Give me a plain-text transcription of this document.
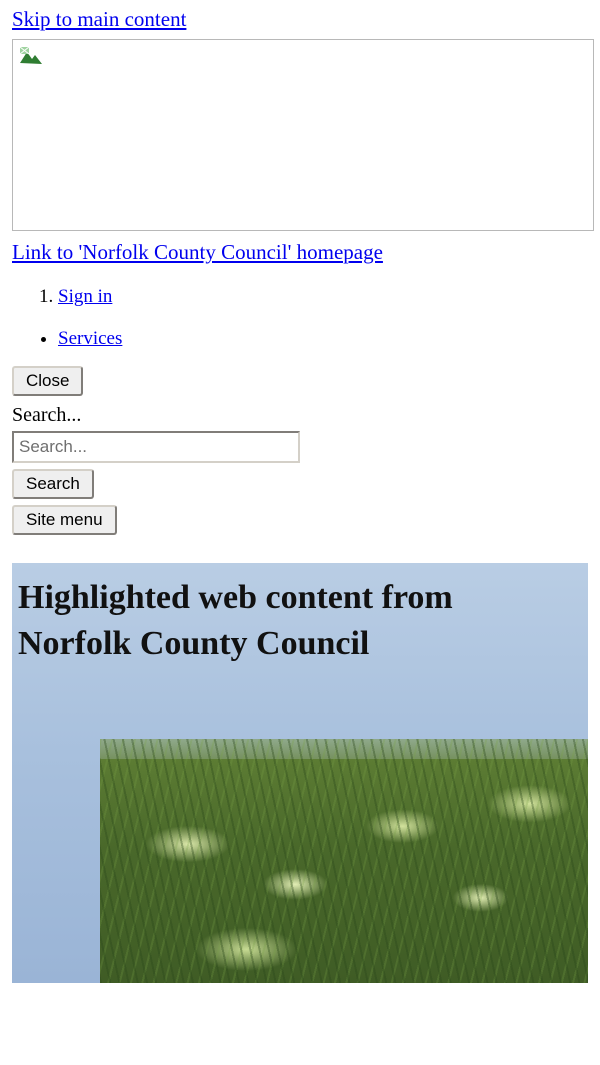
Skip to main content
Link to 'Norfolk County Council' homepage
1. Sign in
• Services
Close
Search...
Search...
Search
Site menu
Highlighted web content from Norfolk County Council
